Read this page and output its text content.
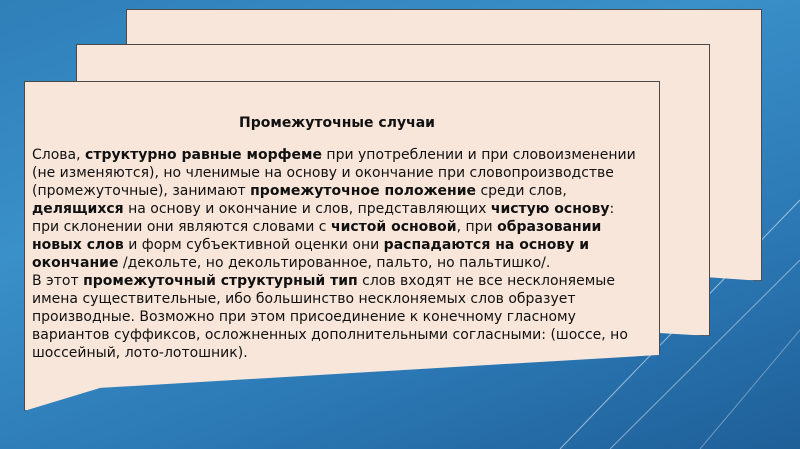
Промежуточные случаи

Слова, структурно равные морфеме при употреблении и при словоизменении (не изменяются), но членимые на основу и окончание при словопроизводстве (промежуточные), занимают промежуточное положение среди слов, делящихся на основу и окончание и слов, представляющих чистую основу: при склонении они являются словами с чистой основой, при образовании новых слов и форм субъективной оценки они распадаются на основу и окончание /декольте, но декольтированное, пальто, но пальтишко/.

В этот промежуточный структурный тип слов входят не все несклоняемые имена существительные, ибо большинство несклоняемых слов образует производные. Возможно при этом присоединение к конечному гласному вариантов суффиксов, осложненных дополнительными согласными: (шоссе, но шоссейный, лото-лотошник).
